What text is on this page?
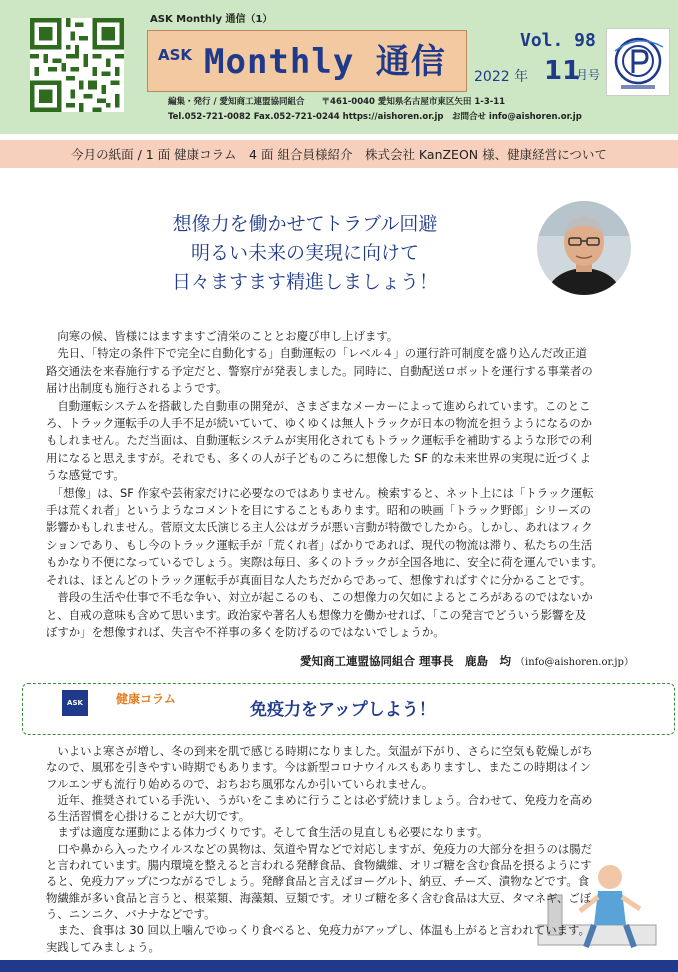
ASK Monthly 通信（1）
ASK Monthly 通信
Vol. 98
2022 年 11
月号
編集・発行 / 愛知商工連盟協同組合　　〒461-0040 愛知県名古屋市東区矢田 1-3-11
Tel.052-721-0082 Fax.052-721-0244 https://aishoren.or.jp　お問合せ info@aishoren.or.jp
今月の紙面 / 1 面 健康コラム　4 面 組合員様紹介　株式会社 KanZEON 様、健康経営について
想像力を働かせてトラブル回避
明るい未来の実現に向けて
日々ますます精進しましょう！

　向寒の候、皆様にはますますご清栄のこととお慶び申し上げます。

　先日、「特定の条件下で完全に自動化する」自動運転の「レベル４」の運行許可制度を盛り込んだ改正道

路交通法を来春施行する予定だと、警察庁が発表しました。同時に、自動配送ロボットを運行する事業者の

届け出制度も施行されるようです。

　自動運転システムを搭載した自動車の開発が、さまざまなメーカーによって進められています。このとこ

ろ、トラック運転手の人手不足が続いていて、ゆくゆくは無人トラックが日本の物流を担うようになるのか

もしれません。ただ当面は、自動運転システムが実用化されてもトラック運転手を補助するような形での利

用になると思えますが。それでも、多くの人が子どものころに想像した SF 的な未来世界の実現に近づくよ

うな感覚です。

　「想像」は、SF 作家や芸術家だけに必要なのではありません。検索すると、ネット上には「トラック運転

手は荒くれ者」というようなコメントを目にすることもあります。昭和の映画「トラック野郎」シリーズの

影響かもしれません。菅原文太氏演じる主人公はガラが悪い言動が特徴でしたから。しかし、あれはフィク

ションであり、もし今のトラック運転手が「荒くれ者」ばかりであれば、現代の物流は滞り、私たちの生活

もかなり不便になっているでしょう。実際は毎日、多くのトラックが全国各地に、安全に荷を運んでいます。

それは、ほとんどのトラック運転手が真面目な人たちだからであって、想像すればすぐに分かることです。

　普段の生活や仕事で不毛な争い、対立が起こるのも、この想像力の欠如によるところがあるのではないか

と、自戒の意味も含めて思います。政治家や著名人も想像力を働かせれば、「この発言でどういう影響を及

ぼすか」を想像すれば、失言や不祥事の多くを防げるのではないでしょうか。

愛知商工連盟協同組合 理事長　鹿島　均 （info@aishoren.or.jp）
ASK	健康コラム
免疫力をアップしよう！

　いよいよ寒さが増し、冬の到来を肌で感じる時期になりました。気温が下がり、さらに空気も乾燥しがち

なので、風邪を引きやすい時期でもあります。今は新型コロナウイルスもありますし、またこの時期はイン

フルエンザも流行り始めるので、おちおち風邪なんか引いていられません。

　近年、推奨されている手洗い、うがいをこまめに行うことは必ず続けましょう。合わせて、免疫力を高め

る生活習慣を心掛けることが大切です。

　まずは適度な運動による体力づくりです。そして食生活の見直しも必要になります。

　口や鼻から入ったウイルスなどの異物は、気道や胃などで対応しますが、免疫力の大部分を担うのは腸だ

と言われています。腸内環境を整えると言われる発酵食品、食物繊維、オリゴ糖を含む食品を摂るようにす

ると、免疫力アップにつながるでしょう。発酵食品と言えばヨーグルト、納豆、チーズ、漬物などです。食

物繊維が多い食品と言うと、根菜類、海藻類、豆類です。オリゴ糖を多く含む食品は大豆、タマネギ、ごぼ

う、ニンニク、バナナなどです。

　また、食事は 30 回以上噛んでゆっくり食べると、免疫力がアップし、体温も上がると言われています。

実践してみましょう。
